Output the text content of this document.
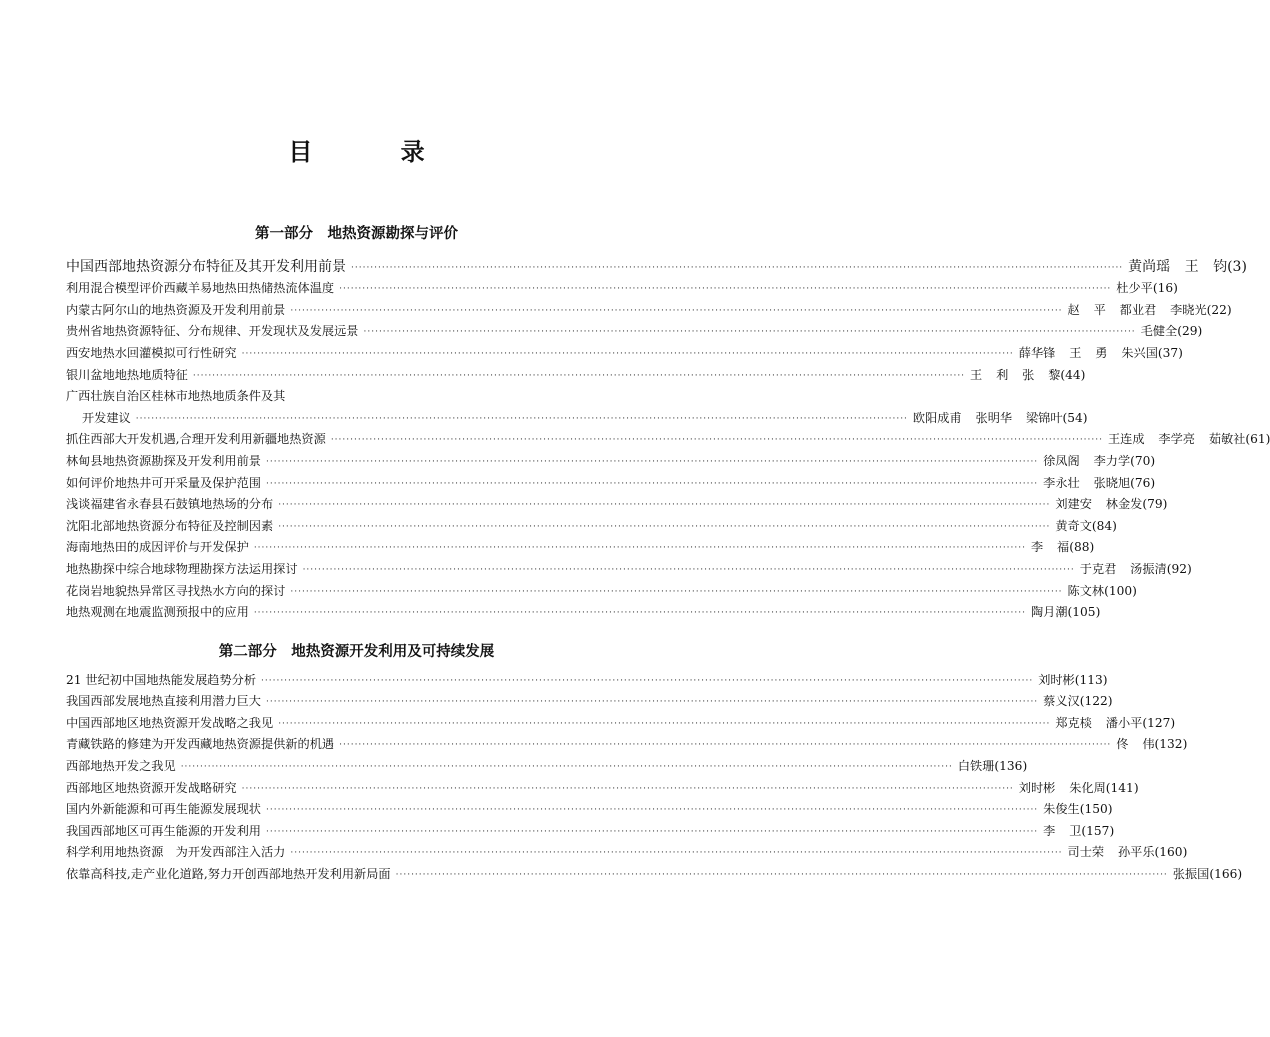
目 录
第一部分　地热资源勘探与评价
中国西部地热资源分布特征及其开发利用前景 ········································································································································································································ 黄尚瑶 王 钧 (3)
利用混合模型评价西藏羊易地热田热储热流体温度 ········································································································································································································ 杜少平 (16)
内蒙古阿尔山的地热资源及开发利用前景 ········································································································································································································ 赵 平 都业君 李晓光 (22)
贵州省地热资源特征、分布规律、开发现状及发展远景 ········································································································································································································ 毛健全 (29)
西安地热水回灌模拟可行性研究 ········································································································································································································ 薛华锋 王 勇 朱兴国 (37)
银川盆地地热地质特征 ········································································································································································································ 王 利 张 黎 (44)
广西壮族自治区桂林市地热地质条件及其
开发建议 ········································································································································································································ 欧阳成甫 张明华 梁锦叶 (54)
抓住西部大开发机遇,合理开发利用新疆地热资源 ········································································································································································································ 王连成 李学亮 茹敏社 (61)
林甸县地热资源勘探及开发利用前景 ········································································································································································································ 徐凤阁 李力学 (70)
如何评价地热井可开采量及保护范围 ········································································································································································································ 李永壮 张晓旭 (76)
浅谈福建省永春县石鼓镇地热场的分布 ········································································································································································································ 刘建安 林金发 (79)
沈阳北部地热资源分布特征及控制因素 ········································································································································································································ 黄奇文 (84)
海南地热田的成因评价与开发保护 ········································································································································································································ 李 福 (88)
地热勘探中综合地球物理勘探方法运用探讨 ········································································································································································································ 于克君 汤振清 (92)
花岗岩地貌热异常区寻找热水方向的探讨 ········································································································································································································ 陈文林 (100)
地热观测在地震监测预报中的应用 ········································································································································································································ 陶月潮 (105)
第二部分　地热资源开发利用及可持续发展
21 世纪初中国地热能发展趋势分析 ········································································································································································································ 刘时彬 (113)
我国西部发展地热直接利用潜力巨大 ········································································································································································································ 蔡义汉 (122)
中国西部地区地热资源开发战略之我见 ········································································································································································································ 郑克棪 潘小平 (127)
青藏铁路的修建为开发西藏地热资源提供新的机遇 ········································································································································································································ 佟 伟 (132)
西部地热开发之我见 ········································································································································································································ 白铁珊 (136)
西部地区地热资源开发战略研究 ········································································································································································································ 刘时彬 朱化周 (141)
国内外新能源和可再生能源发展现状 ········································································································································································································ 朱俊生 (150)
我国西部地区可再生能源的开发利用 ········································································································································································································ 李 卫 (157)
科学利用地热资源　为开发西部注入活力 ········································································································································································································ 司士荣 孙平乐 (160)
依靠高科技,走产业化道路,努力开创西部地热开发利用新局面 ········································································································································································································ 张振国 (166)
